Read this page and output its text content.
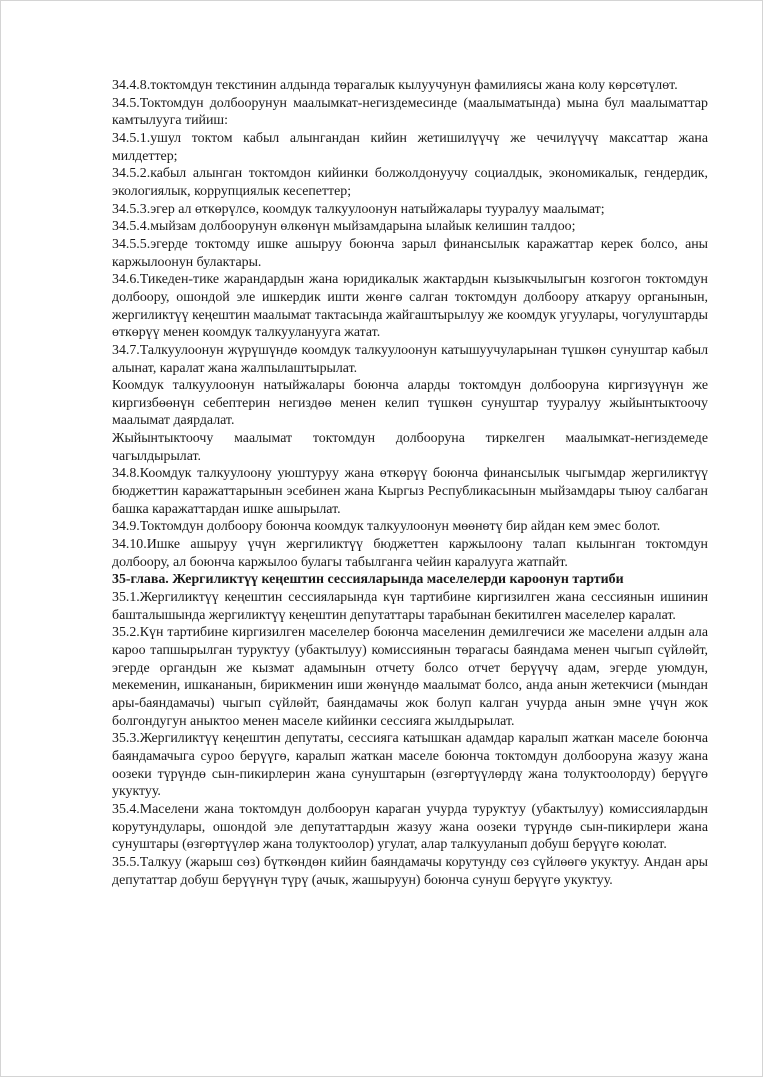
34.4.8.токтомдун текстинин алдында төрагалык кылуучунун фамилиясы жана колу көрсөтүлөт.

34.5.Токтомдун долбоорунун маалымкат-негиздемесинде (маалыматында) мына бул маалыматтар камтылууга тийиш:

34.5.1.ушул токтом кабыл алынгандан кийин жетишилүүчү же чечилүүчү максаттар жана милдеттер;

34.5.2.кабыл алынган токтомдон кийинки болжолдонуучу социалдык, экономикалык, гендердик, экологиялык, коррупциялык кесепеттер;

34.5.3.эгер ал өткөрүлсө, коомдук талкуулоонун натыйжалары тууралуу маалымат;

34.5.4.мыйзам долбоорунун өлкөнүн мыйзамдарына ылайык келишин талдоо;

34.5.5.эгерде токтомду ишке ашыруу боюнча зарыл финансылык каражаттар керек болсо, аны каржылоонун булактары.

34.6.Тикеден-тике жарандардын жана юридикалык жактардын кызыкчылыгын козгогон токтомдун долбоору, ошондой эле ишкердик ишти жөнгө салган токтомдун долбоору аткаруу органынын, жергиликтүү кеңештин маалымат тактасында жайгаштырылуу же коомдук угуулары, чогулуштарды өткөрүү менен коомдук талкуулануугa жатат.

34.7.Талкуулоонун жүрүшүндө коомдук талкуулоонун катышуучуларынан түшкөн сунуштар кабыл алынат, каралат жана жалпылаштырылат.

Коомдук талкуулоонун натыйжалары боюнча аларды токтомдун долбооруна киргизүүнүн же киргизбөөнүн себептерин негиздөө менен келип түшкөн сунуштар тууралуу жыйынтыктоочу маалымат даярдалат.

Жыйынтыктоочу маалымат токтомдун долбооруна тиркелген маалымкат-негиздемеде чагылдырылат.

34.8.Коомдук талкуулоону уюштуруу жана өткөрүү боюнча финансылык чыгымдар жергиликтүү бюджеттин каражаттарынын эсебинен жана Кыргыз Республикасынын мыйзамдары тыюу салбаган башка каражаттардан ишке ашырылат.

34.9.Токтомдун долбоору боюнча коомдук талкуулоонун мөөнөтү бир айдан кем эмес болот.

34.10.Ишке ашыруу үчүн жергиликтүү бюджеттен каржылоону талап кылынган токтомдун долбоору, ал боюнча каржылоо булагы табылганга чейин каралууга жатпайт.

35-глава. Жергиликтүү кеңештин сессияларында маселелерди кароонун тартиби

35.1.Жергиликтүү кеңештин сессияларында күн тартибине киргизилген жана сессиянын ишинин башталышында жергиликтүү кеңештин депутаттары тарабынан бекитилген маселелер каралат.

35.2.Күн тартибине киргизилген маселелер боюнча маселенин демилгечиси же маселени алдын ала кароо тапшырылган туруктуу (убактылуу) комиссиянын төрагасы баяндама менен чыгып сүйлөйт, эгерде органдын же кызмат адамынын отчету болсо отчет берүүчү адам, эгерде уюмдун, мекеменин, ишкананын, бирикменин иши жөнүндө маалымат болсо, анда анын жетекчиси (мындан ары-баяндамачы) чыгып сүйлөйт, баяндамачы жок болуп калган учурда анын эмне үчүн жок болгондугун аныктоо менен маселе кийинки сессияга жылдырылат.

35.3.Жергиликтүү кеңештин депутаты, сессияга катышкан адамдар каралып жаткан маселе боюнча баяндамачыга суроо берүүгө, каралып жаткан маселе боюнча токтомдун долбооруна жазуу жана оозеки түрүндө сын-пикирлерин жана сунуштарын (өзгөртүүлөрдү жана толуктоолорду) берүүгө укуктуу.

35.4.Маселени жана токтомдун долбоорун караган учурда туруктуу (убактылуу) комиссиялардын корутундулары, ошондой эле депутаттардын жазуу жана оозеки түрүндө сын-пикирлери жана сунуштары (өзгөртүүлөр жана толуктоолор) угулат, алар талкууланып добуш берүүгө коюлат.

35.5.Талкуу (жарыш сөз) бүткөндөн кийин баяндамачы корутунду сөз сүйлөөгө укуктуу. Андан ары депутаттар добуш берүүнүн түрү (ачык, жашыруун) боюнча сунуш берүүгө укуктуу.
